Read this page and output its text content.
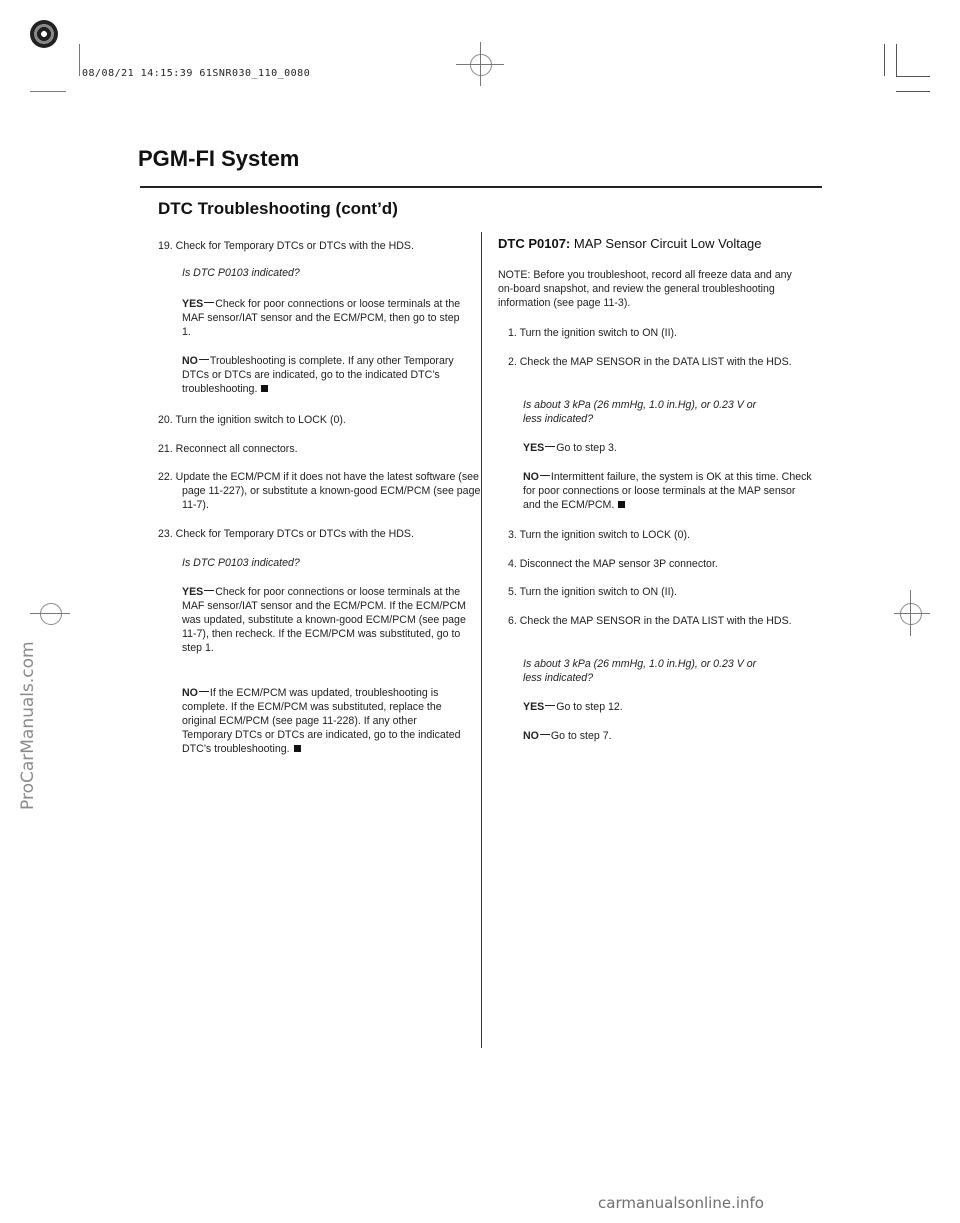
08/08/21 14:15:39 61SNR030_110_0080
ProCarManuals.com
PGM-FI System
DTC Troubleshooting (cont’d)
19. Check for Temporary DTCs or DTCs with the HDS.
Is DTC P0103 indicated?
YES Check for poor connections or loose terminals at the MAF sensor/IAT sensor and the ECM/PCM, then go to step 1.
NO Troubleshooting is complete. If any other Temporary DTCs or DTCs are indicated, go to the indicated DTC’s troubleshooting.
20. Turn the ignition switch to LOCK (0).
21. Reconnect all connectors.
22. Update the ECM/PCM if it does not have the latest software (see page 11-227), or substitute a known-good ECM/PCM (see page 11-7).
23. Check for Temporary DTCs or DTCs with the HDS.
Is DTC P0103 indicated?
YES Check for poor connections or loose terminals at the MAF sensor/IAT sensor and the ECM/PCM. If the ECM/PCM was updated, substitute a known-good ECM/PCM (see page 11-7), then recheck. If the ECM/PCM was substituted, go to step 1.
NO If the ECM/PCM was updated, troubleshooting is complete. If the ECM/PCM was substituted, replace the original ECM/PCM (see page 11-228). If any other Temporary DTCs or DTCs are indicated, go to the indicated DTC’s troubleshooting.
DTC P0107: MAP Sensor Circuit Low Voltage
NOTE: Before you troubleshoot, record all freeze data and any on-board snapshot, and review the general troubleshooting information (see page 11-3).
1. Turn the ignition switch to ON (II).
2. Check the MAP SENSOR in the DATA LIST with the HDS.
Is about 3 kPa (26 mmHg, 1.0 in.Hg), or 0.23 V or
less indicated?
YES Go to step 3.
NO Intermittent failure, the system is OK at this time. Check for poor connections or loose terminals at the MAP sensor and the ECM/PCM.
3. Turn the ignition switch to LOCK (0).
4. Disconnect the MAP sensor 3P connector.
5. Turn the ignition switch to ON (II).
6. Check the MAP SENSOR in the DATA LIST with the HDS.
Is about 3 kPa (26 mmHg, 1.0 in.Hg), or 0.23 V or
less indicated?
YES Go to step 12.
NO Go to step 7.
carmanualsonline.info
